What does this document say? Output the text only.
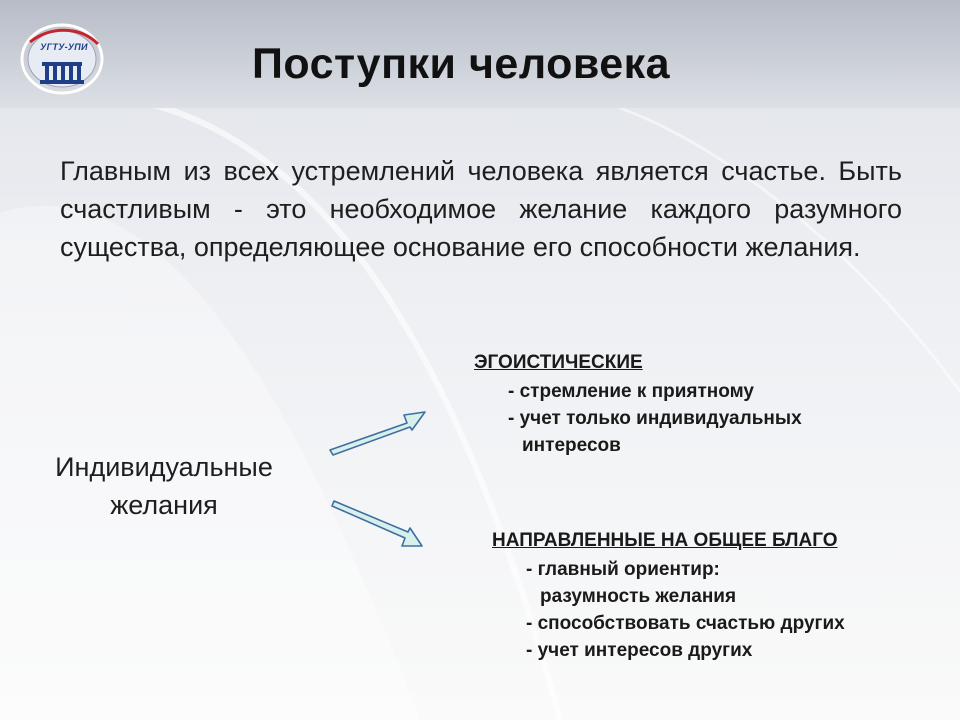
УГТУ-УПИ	Поступки человека

Главным из всех устремлений человека является счастье. Быть счастливым - это необходимое желание каждого разумного существа, определяющее основание его способности желания.

Индивидуальные
желания
ЭГОИСТИЧЕСКИЕ
- стремление к приятному
- учет только индивидуальных
интересов
НАПРАВЛЕННЫЕ НА ОБЩЕЕ БЛАГО
- главный ориентир:
разумность желания
- способствовать счастью других
- учет интересов других
